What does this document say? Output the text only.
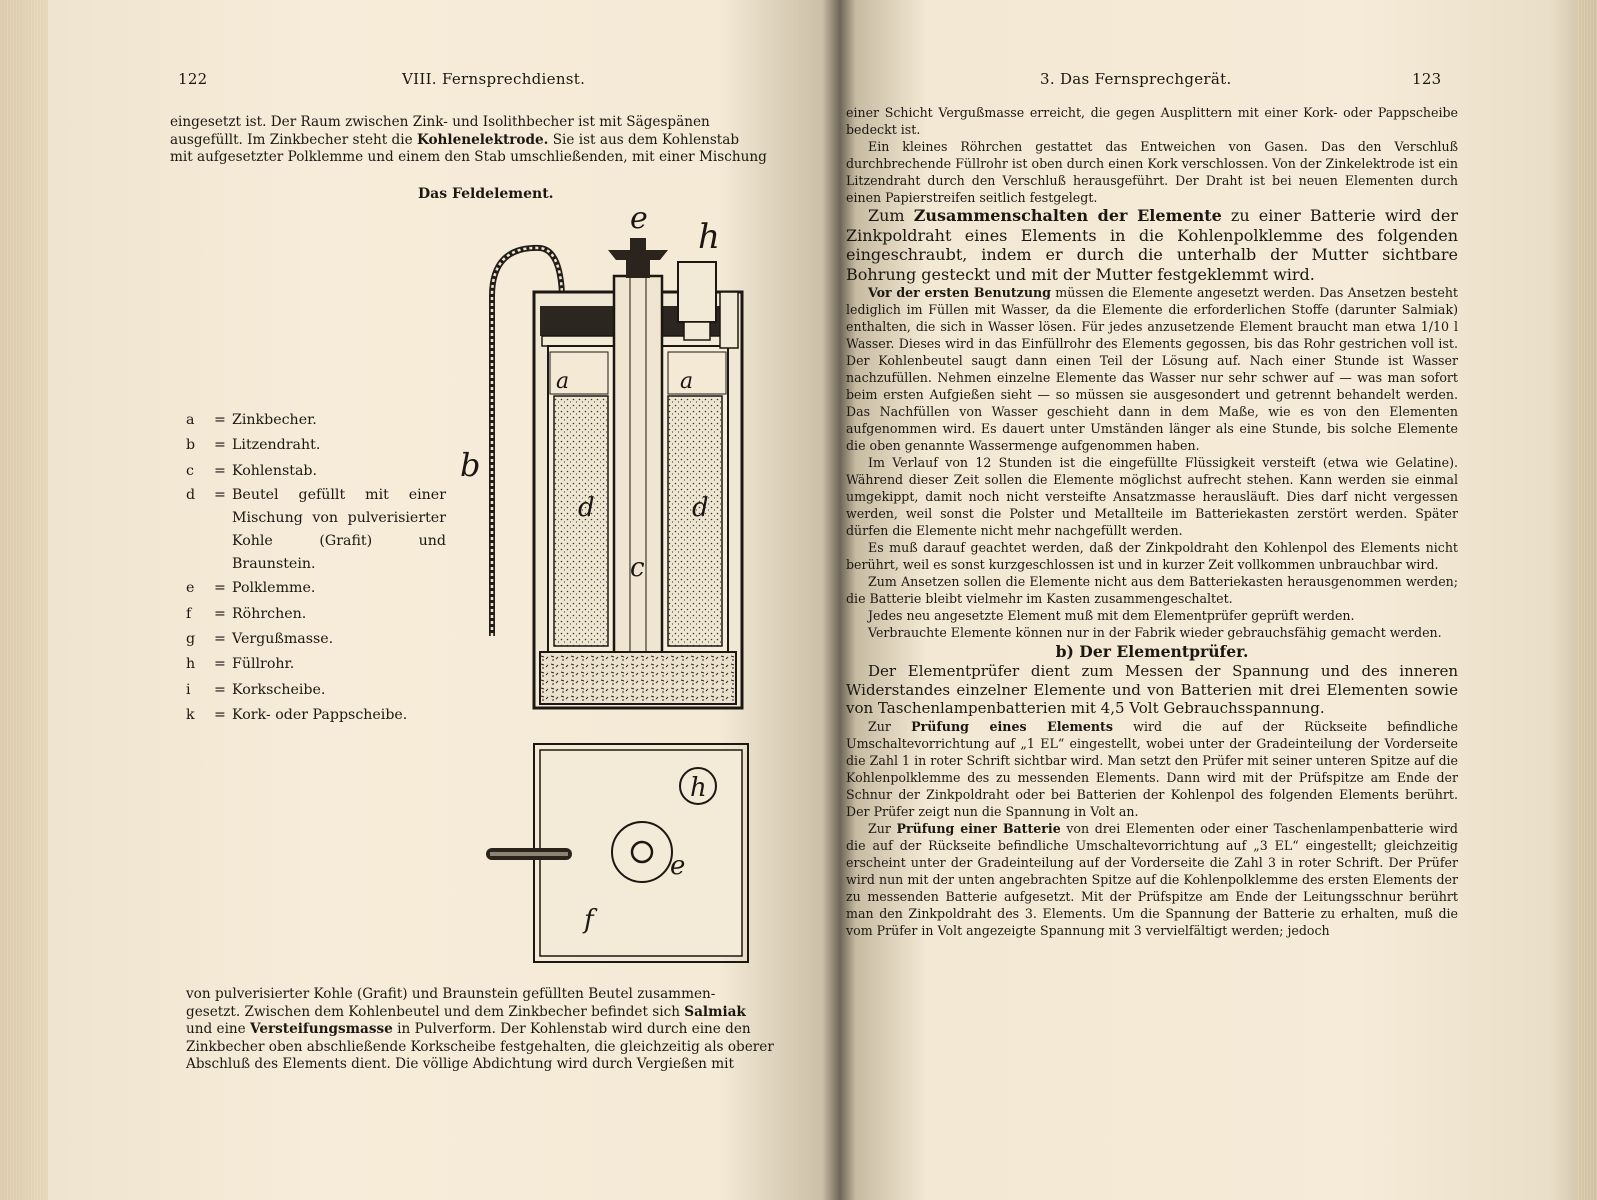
122	VIII. Fernsprechdienst.
eingesetzt ist. Der Raum zwischen Zink- und Isolithbecher ist mit Sägespänen
ausgefüllt. Im Zinkbecher steht die Kohlenelektrode. Sie ist aus dem Kohlenstab
mit aufgesetzter Polklemme und einem den Stab umschließenden, mit einer Mischung
Das Feldelement.
a	a
d	d
c
b
e h
h
e
f
a	= Zinkbecher.
b	= Litzendraht.
c	= Kohlenstab.
d	= Beutel gefüllt mit einer Mischung von pulverisierter Kohle (Grafit) und Braunstein.
e	= Polklemme.
f	= Röhrchen.
g	= Vergußmasse.
h	= Füllrohr.
i	= Korkscheibe.
k	= Kork- oder Pappscheibe.
von pulverisierter Kohle (Grafit) und Braunstein gefüllten Beutel zusammen-
gesetzt. Zwischen dem Kohlenbeutel und dem Zinkbecher befindet sich Salmiak
und eine Versteifungsmasse in Pulverform. Der Kohlenstab wird durch eine den
Zinkbecher oben abschließende Korkscheibe festgehalten, die gleichzeitig als oberer
Abschluß des Elements dient. Die völlige Abdichtung wird durch Vergießen mit
3. Das Fernsprechgerät.	123

einer Schicht Vergußmasse erreicht, die gegen Ausplittern mit einer Kork- oder Pappscheibe bedeckt ist.

Ein kleines Röhrchen gestattet das Entweichen von Gasen. Das den Verschluß durchbrechende Füllrohr ist oben durch einen Kork verschlossen. Von der Zinkelektrode ist ein Litzendraht durch den Verschluß herausgeführt. Der Draht ist bei neuen Elementen durch einen Papierstreifen seitlich festgelegt.

Zum Zusammenschalten der Elemente zu einer Batterie wird der Zinkpoldraht eines Elements in die Kohlenpolklemme des folgenden eingeschraubt, indem er durch die unterhalb der Mutter sichtbare Bohrung gesteckt und mit der Mutter festgeklemmt wird.

Vor der ersten Benutzung müssen die Elemente angesetzt werden. Das Ansetzen besteht lediglich im Füllen mit Wasser, da die Elemente die erforderlichen Stoffe (darunter Salmiak) enthalten, die sich in Wasser lösen. Für jedes anzusetzende Element braucht man etwa 1/10 l Wasser. Dieses wird in das Einfüllrohr des Elements gegossen, bis das Rohr gestrichen voll ist. Der Kohlenbeutel saugt dann einen Teil der Lösung auf. Nach einer Stunde ist Wasser nachzufüllen. Nehmen einzelne Elemente das Wasser nur sehr schwer auf — was man sofort beim ersten Aufgießen sieht — so müssen sie ausgesondert und getrennt behandelt werden. Das Nachfüllen von Wasser geschieht dann in dem Maße, wie es von den Elementen aufgenommen wird. Es dauert unter Umständen länger als eine Stunde, bis solche Elemente die oben genannte Wassermenge aufgenommen haben.

Im Verlauf von 12 Stunden ist die eingefüllte Flüssigkeit versteift (etwa wie Gelatine). Während dieser Zeit sollen die Elemente möglichst aufrecht stehen. Kann werden sie einmal umgekippt, damit noch nicht versteifte Ansatzmasse herausläuft. Dies darf nicht vergessen werden, weil sonst die Polster und Metallteile im Batteriekasten zerstört werden. Später dürfen die Elemente nicht mehr nachgefüllt werden.

Es muß darauf geachtet werden, daß der Zinkpoldraht den Kohlenpol des Elements nicht berührt, weil es sonst kurzgeschlossen ist und in kurzer Zeit vollkommen unbrauchbar wird.

Zum Ansetzen sollen die Elemente nicht aus dem Batteriekasten herausgenommen werden; die Batterie bleibt vielmehr im Kasten zusammengeschaltet.

Jedes neu angesetzte Element muß mit dem Elementprüfer geprüft werden.

Verbrauchte Elemente können nur in der Fabrik wieder gebrauchsfähig gemacht werden.

b) Der Elementprüfer.

Der Elementprüfer dient zum Messen der Spannung und des inneren Widerstandes einzelner Elemente und von Batterien mit drei Elementen sowie von Taschenlampenbatterien mit 4,5 Volt Gebrauchsspannung.

Zur Prüfung eines Elements wird die auf der Rückseite befindliche Umschaltevorrichtung auf „1 EL“ eingestellt, wobei unter der Gradeinteilung der Vorderseite die Zahl 1 in roter Schrift sichtbar wird. Man setzt den Prüfer mit seiner unteren Spitze auf die Kohlenpolklemme des zu messenden Elements. Dann wird mit der Prüfspitze am Ende der Schnur der Zinkpoldraht oder bei Batterien der Kohlenpol des folgenden Elements berührt. Der Prüfer zeigt nun die Spannung in Volt an.

Zur Prüfung einer Batterie von drei Elementen oder einer Taschenlampenbatterie wird die auf der Rückseite befindliche Umschaltevorrichtung auf „3 EL“ eingestellt; gleichzeitig erscheint unter der Gradeinteilung auf der Vorderseite die Zahl 3 in roter Schrift. Der Prüfer wird nun mit der unten angebrachten Spitze auf die Kohlenpolklemme des ersten Elements der zu messenden Batterie aufgesetzt. Mit der Prüfspitze am Ende der Leitungsschnur berührt man den Zinkpoldraht des 3. Elements. Um die Spannung der Batterie zu erhalten, muß die vom Prüfer in Volt angezeigte Spannung mit 3 vervielfältigt werden; jedoch
